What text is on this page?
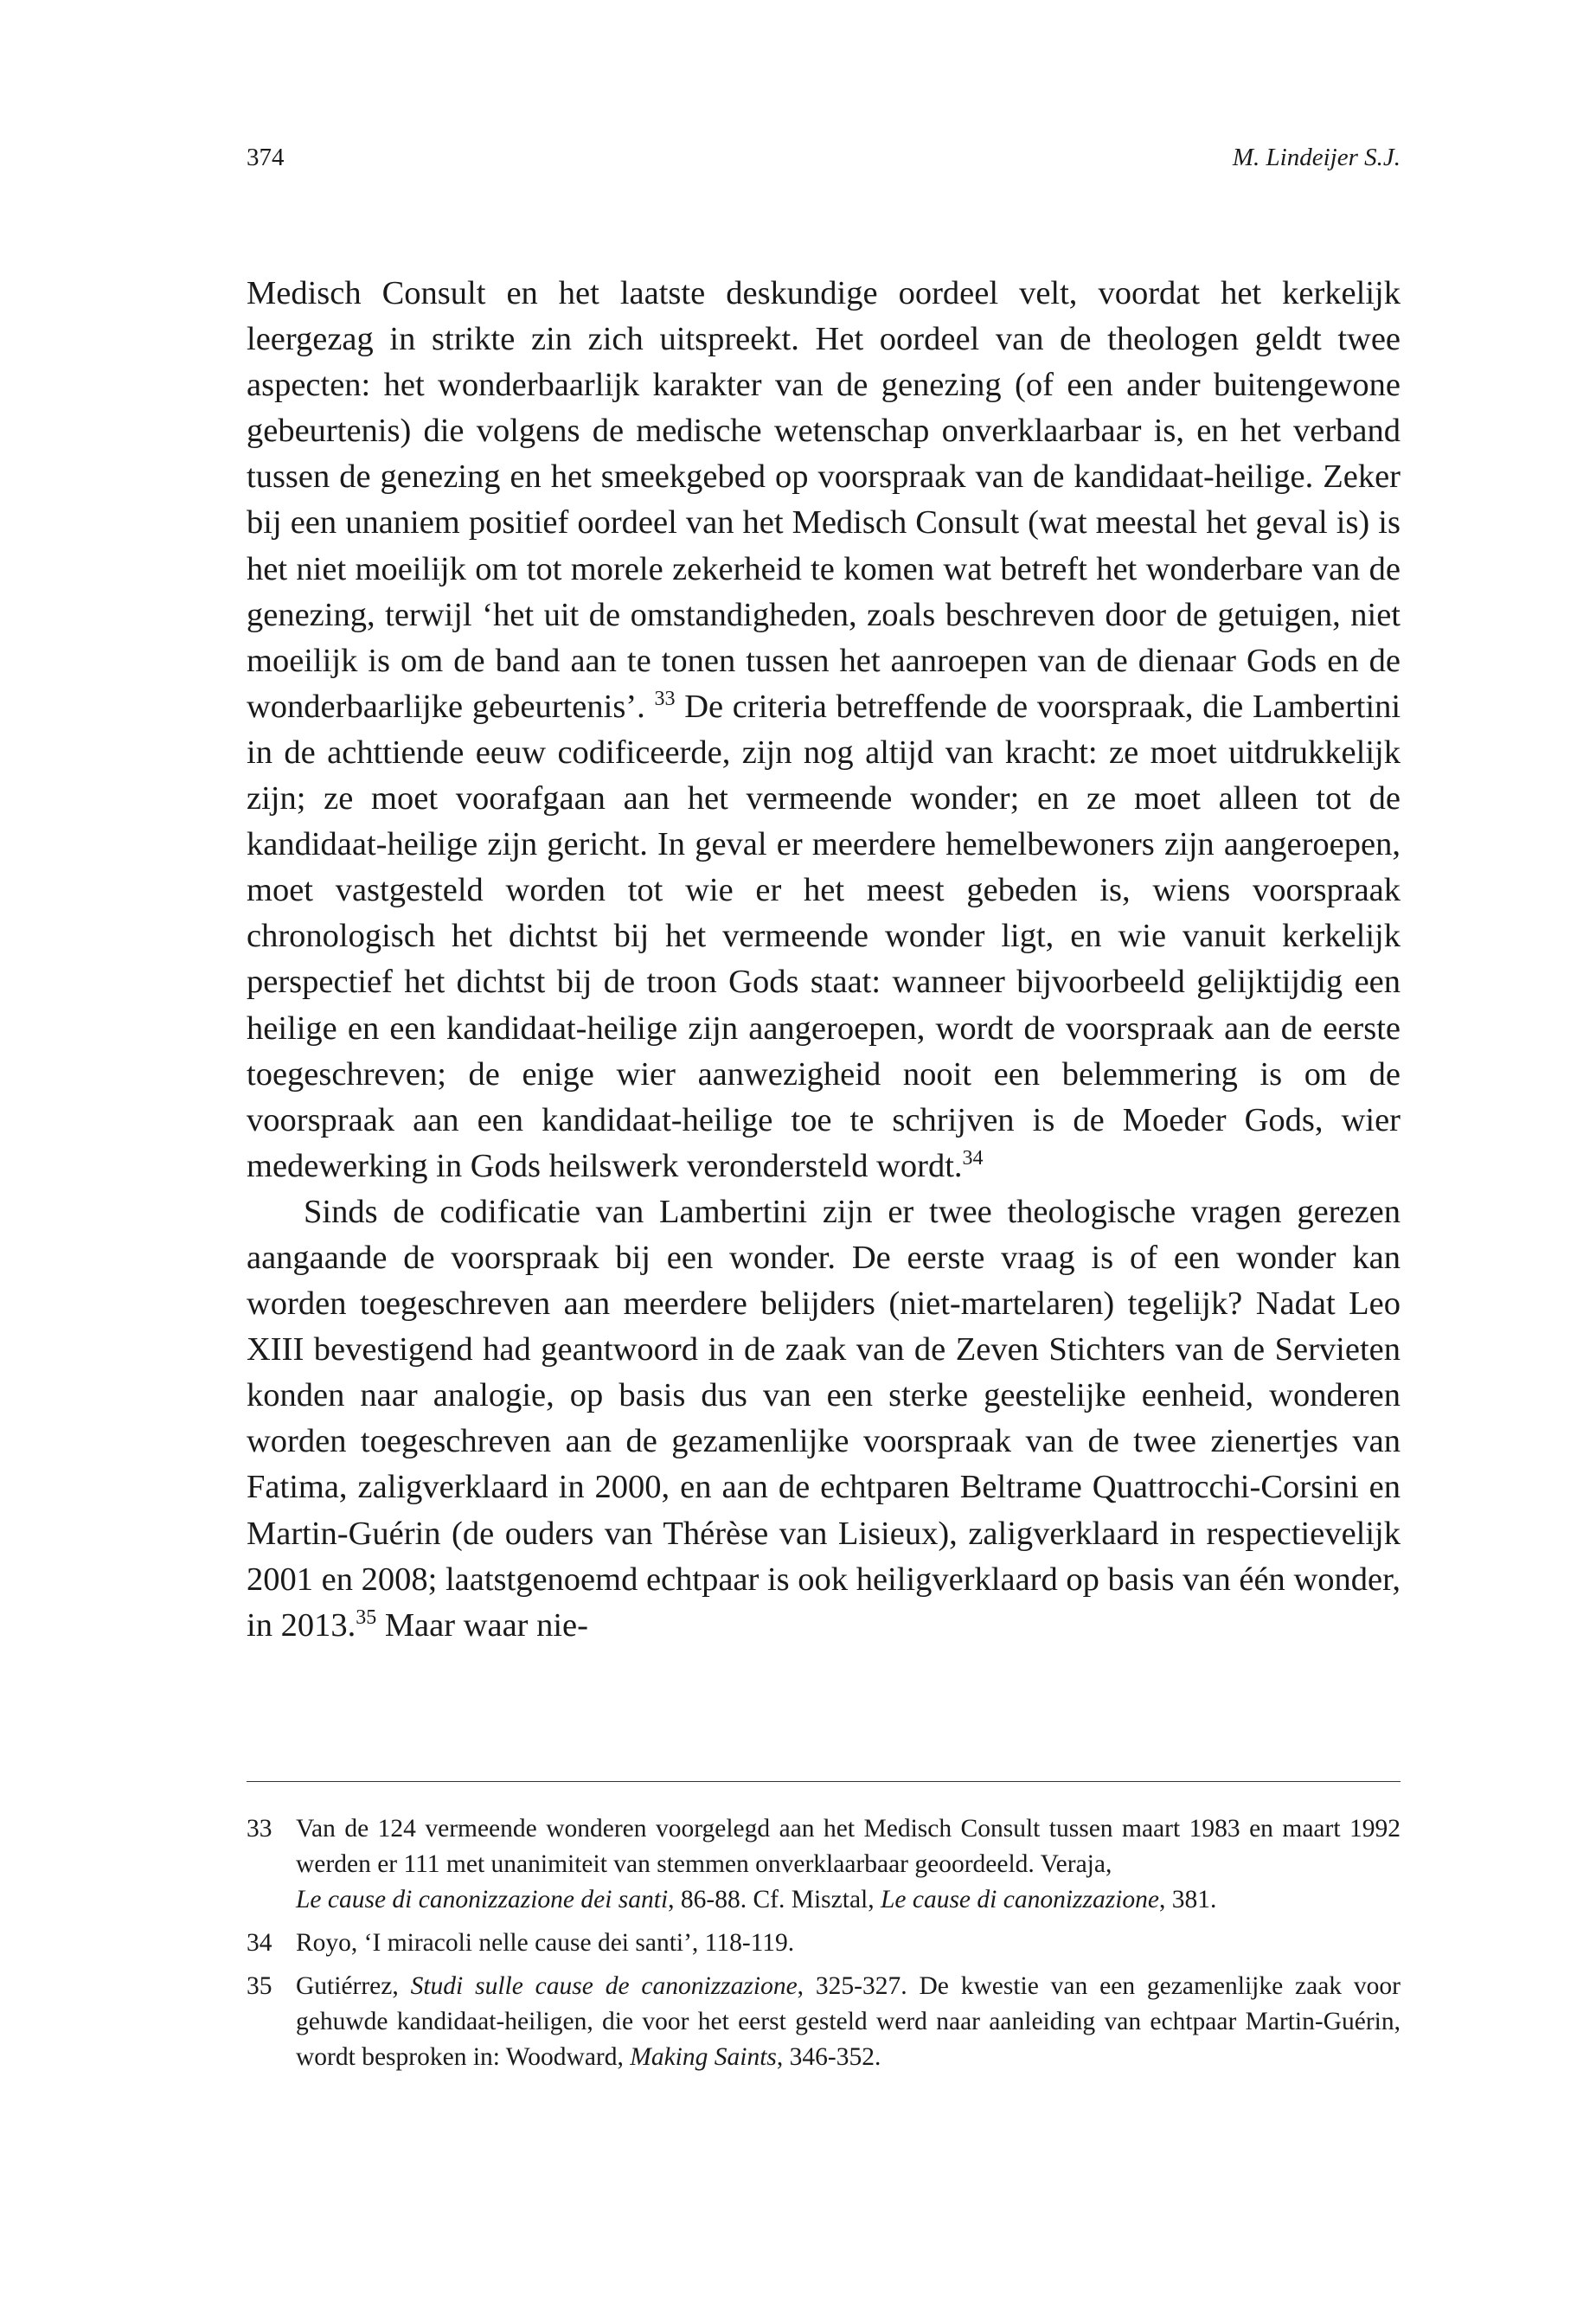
374	M. Lindeijer S.J.

Medisch Consult en het laatste deskundige oordeel velt, voordat het kerkelijk leergezag in strikte zin zich uitspreekt. Het oordeel van de theologen geldt twee aspecten: het wonderbaarlijk karakter van de genezing (of een ander buitengewone gebeurtenis) die volgens de medische wetenschap onverklaarbaar is, en het verband tussen de genezing en het smeekgebed op voorspraak van de kandidaat-heilige. Zeker bij een unaniem positief oordeel van het Medisch Consult (wat meestal het geval is) is het niet moeilijk om tot morele zekerheid te komen wat betreft het wonderbare van de genezing, terwijl ‘het uit de omstandigheden, zoals beschreven door de getuigen, niet moeilijk is om de band aan te tonen tussen het aanroepen van de dienaar Gods en de wonderbaarlijke gebeurtenis’. $^{33}$ De criteria betreffende de voorspraak, die Lambertini in de achttiende eeuw codificeerde, zijn nog altijd van kracht: ze moet uitdrukkelijk zijn; ze moet voorafgaan aan het vermeende wonder; en ze moet alleen tot de kandidaat-heilige zijn gericht. In geval er meerdere hemelbewoners zijn aangeroepen, moet vastgesteld worden tot wie er het meest gebeden is, wiens voorspraak chronologisch het dichtst bij het vermeende wonder ligt, en wie vanuit kerkelijk perspectief het dichtst bij de troon Gods staat: wanneer bijvoorbeeld gelijktijdig een heilige en een kandidaat-heilige zijn aangeroepen, wordt de voorspraak aan de eerste toegeschreven; de enige wier aanwezigheid nooit een belemmering is om de voorspraak aan een kandidaat-heilige toe te schrijven is de Moeder Gods, wier medewerking in Gods heilswerk verondersteld wordt.$^{34}$

Sinds de codificatie van Lambertini zijn er twee theologische vragen gerezen aangaande de voorspraak bij een wonder. De eerste vraag is of een wonder kan worden toegeschreven aan meerdere belijders (niet-martelaren) tegelijk? Nadat Leo XIII bevestigend had geantwoord in de zaak van de Zeven Stichters van de Servieten konden naar analogie, op basis dus van een sterke geestelijke eenheid, wonderen worden toegeschreven aan de gezamenlijke voorspraak van de twee zienertjes van Fatima, zaligverklaard in 2000, en aan de echtparen Beltrame Quattrocchi-Corsini en Martin-Guérin (de ouders van Thérèse van Lisieux), zaligverklaard in respectievelijk 2001 en 2008; laatstgenoemd echtpaar is ook heiligverklaard op basis van één wonder, in 2013.35 Maar waar nie-

33 Van de 124 vermeende wonderen voorgelegd aan het Medisch Consult tussen maart 1983 en maart 1992 werden er 111 met unanimiteit van stemmen onverklaarbaar geoordeeld. Veraja,
Le cause di canonizzazione dei santi, 86-88. Cf. Misztal, Le cause di canonizzazione, 381.

34 Royo, ‘I miracoli nelle cause dei santi’, 118-119.

35 Gutiérrez, Studi sulle cause de canonizzazione, 325-327. De kwestie van een gezamenlijke zaak voor gehuwde kandidaat-heiligen, die voor het eerst gesteld werd naar aanleiding van echtpaar Martin-Guérin, wordt besproken in: Woodward, Making Saints, 346-352.
